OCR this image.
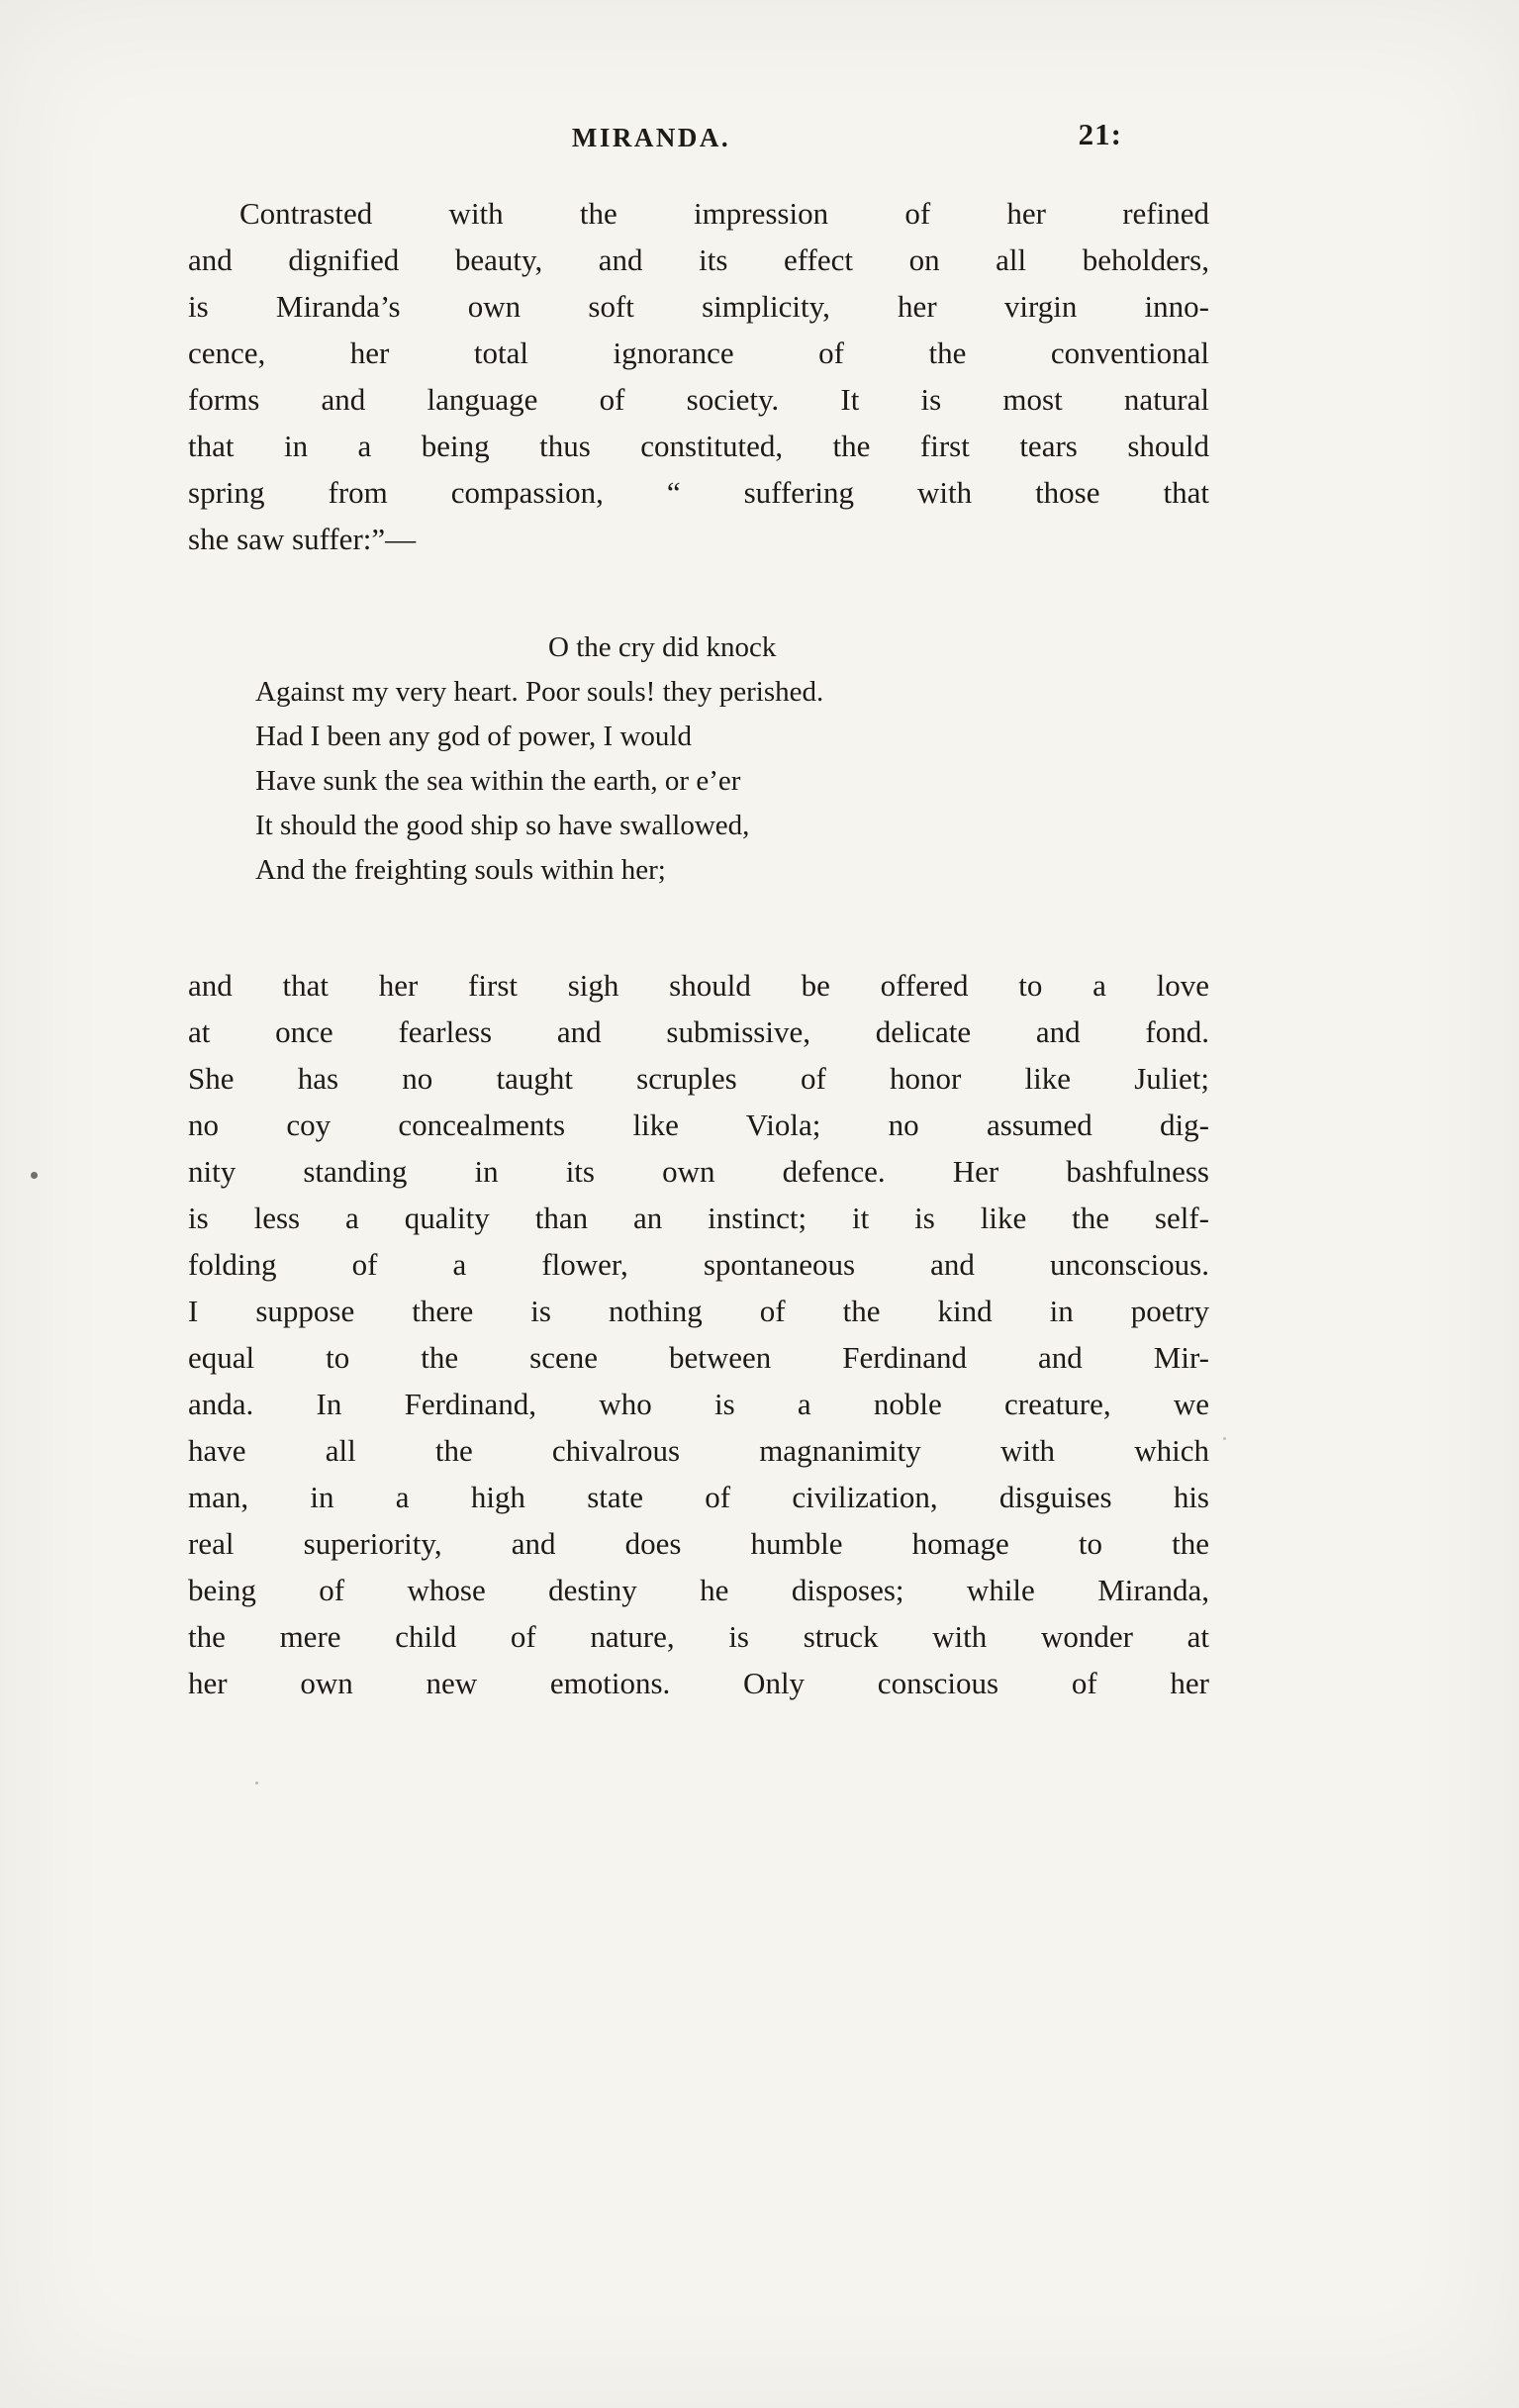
MIRANDA.	21:
Contrasted with the impression of her refined
and dignified beauty, and its effect on all beholders,
is Miranda’s own soft simplicity, her virgin inno-
cence, her total ignorance of the conventional
forms and language of society. It is most natural
that in a being thus constituted, the first tears should
spring from compassion, “ suffering with those that
she saw suffer:”—
O the cry did knock
Against my very heart. Poor souls! they perished.
Had I been any god of power, I would
Have sunk the sea within the earth, or e’er
It should the good ship so have swallowed,
And the freighting souls within her;
and that her first sigh should be offered to a love
at once fearless and submissive, delicate and fond.
She has no taught scruples of honor like Juliet;
no coy concealments like Viola; no assumed dig-
nity standing in its own defence. Her bashfulness
is less a quality than an instinct; it is like the self-
folding of a flower, spontaneous and unconscious.
I suppose there is nothing of the kind in poetry
equal to the scene between Ferdinand and Mir-
anda. In Ferdinand, who is a noble creature, we
have all the chivalrous magnanimity with which
man, in a high state of civilization, disguises his
real superiority, and does humble homage to the
being of whose destiny he disposes; while Miranda,
the mere child of nature, is struck with wonder at
her own new emotions. Only conscious of her
